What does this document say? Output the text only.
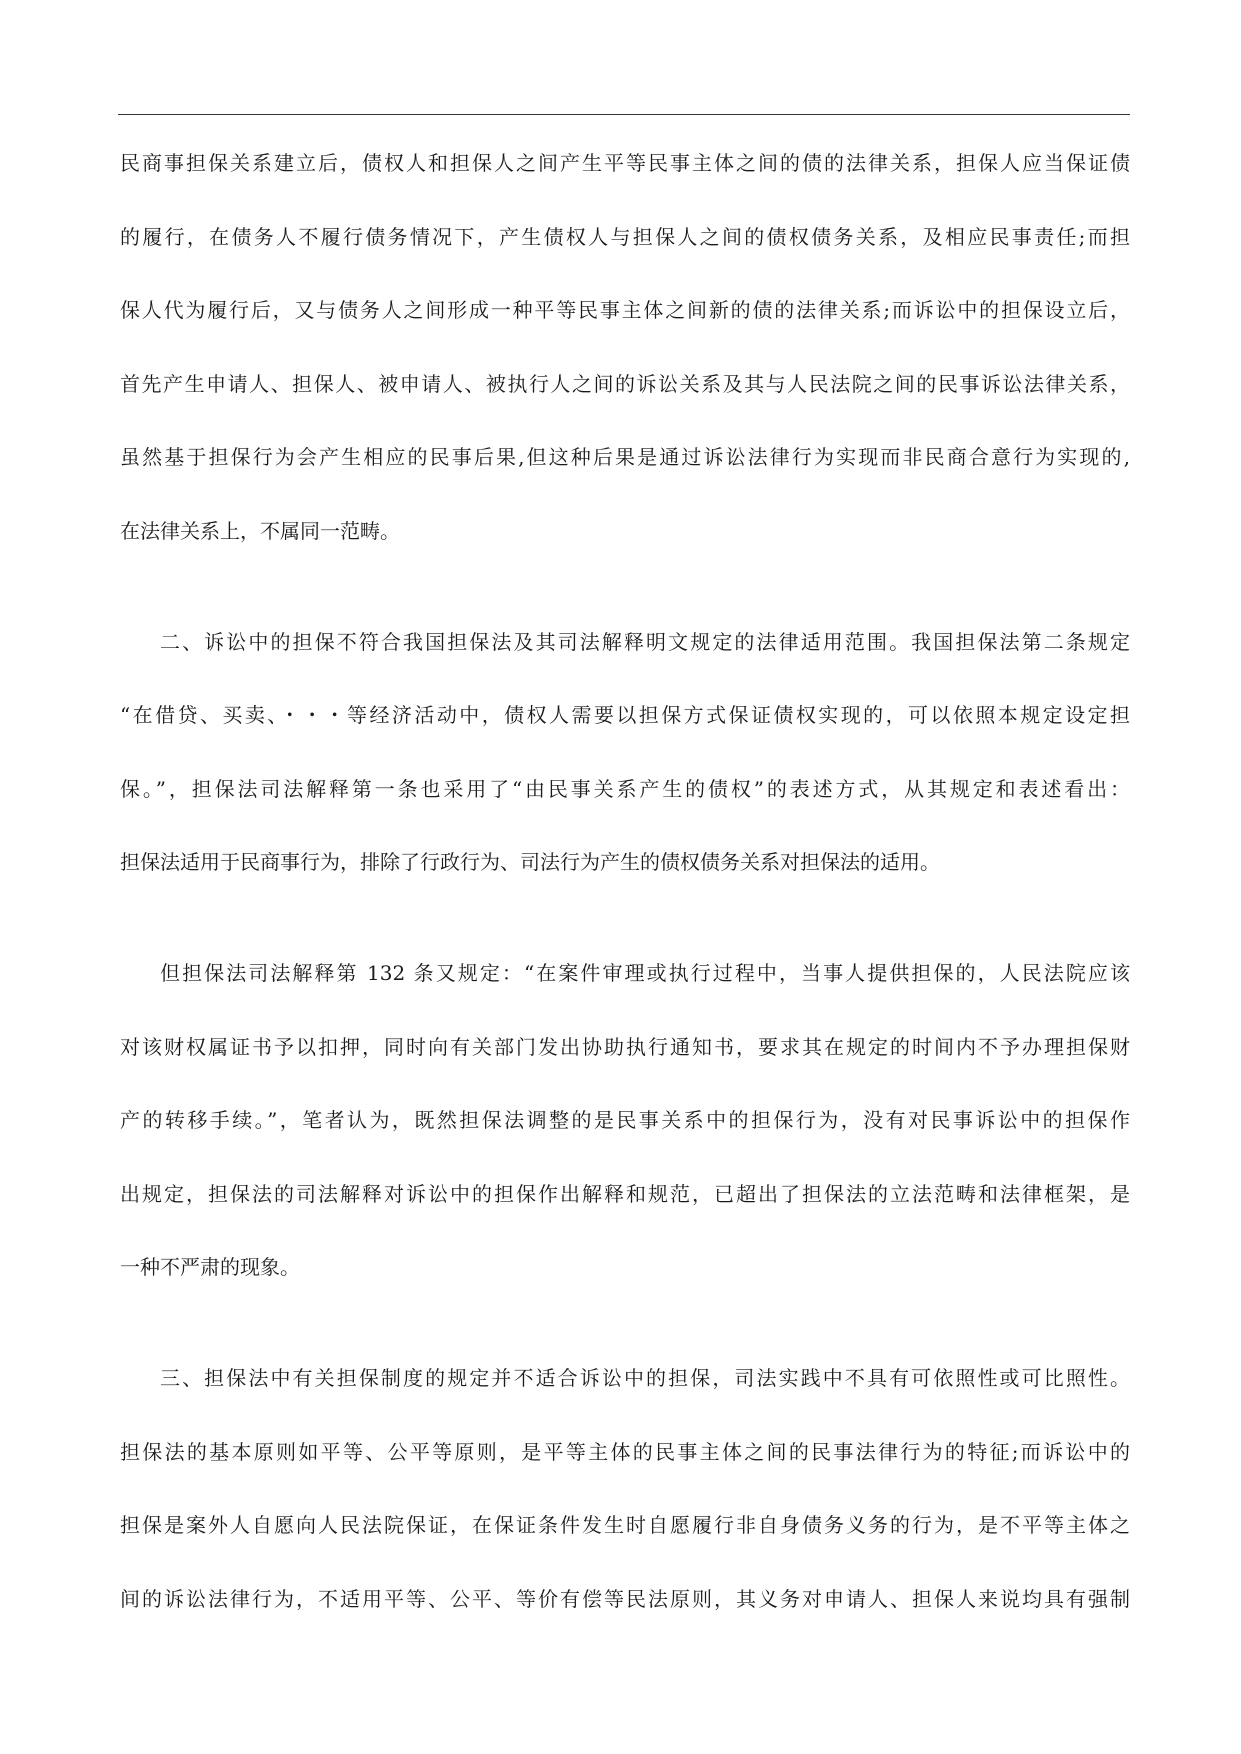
民商事担保关系建立后，债权人和担保人之间产生平等民事主体之间的债的法律关系，担保人应当保证债
的履行，在债务人不履行债务情况下，产生债权人与担保人之间的债权债务关系，及相应民事责任;而担
保人代为履行后，又与债务人之间形成一种平等民事主体之间新的债的法律关系;而诉讼中的担保设立后，
首先产生申请人、担保人、被申请人、被执行人之间的诉讼关系及其与人民法院之间的民事诉讼法律关系，
虽然基于担保行为会产生相应的民事后果,但这种后果是通过诉讼法律行为实现而非民商合意行为实现的,
在法律关系上，不属同一范畴。
二、诉讼中的担保不符合我国担保法及其司法解释明文规定的法律适用范围。我国担保法第二条规定
“在借贷、买卖、・・・等经济活动中，债权人需要以担保方式保证债权实现的，可以依照本规定设定担
保。”，担保法司法解释第一条也采用了“由民事关系产生的债权”的表述方式，从其规定和表述看出：
担保法适用于民商事行为，排除了行政行为、司法行为产生的债权债务关系对担保法的适用。
但担保法司法解释第 132 条又规定：“在案件审理或执行过程中，当事人提供担保的，人民法院应该
对该财权属证书予以扣押，同时向有关部门发出协助执行通知书，要求其在规定的时间内不予办理担保财
产的转移手续。”，笔者认为，既然担保法调整的是民事关系中的担保行为，没有对民事诉讼中的担保作
出规定，担保法的司法解释对诉讼中的担保作出解释和规范，已超出了担保法的立法范畴和法律框架，是
一种不严肃的现象。
三、担保法中有关担保制度的规定并不适合诉讼中的担保，司法实践中不具有可依照性或可比照性。
担保法的基本原则如平等、公平等原则，是平等主体的民事主体之间的民事法律行为的特征;而诉讼中的
担保是案外人自愿向人民法院保证，在保证条件发生时自愿履行非自身债务义务的行为，是不平等主体之
间的诉讼法律行为，不适用平等、公平、等价有偿等民法原则，其义务对申请人、担保人来说均具有强制
